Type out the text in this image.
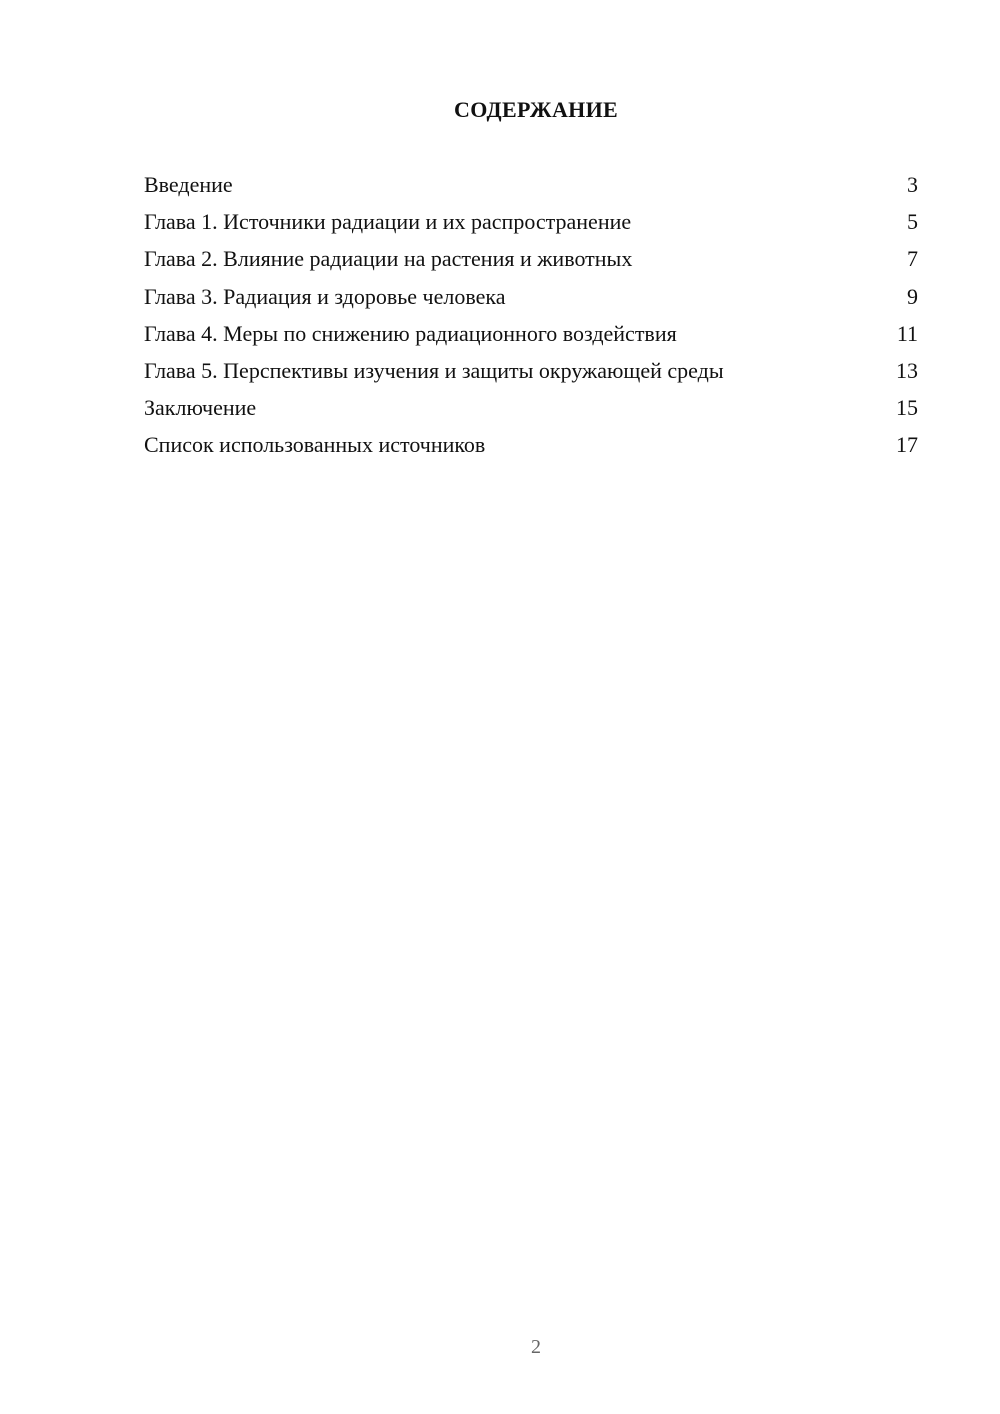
СОДЕРЖАНИЕ
Введение	3
Глава 1. Источники радиации и их распространение	5
Глава 2. Влияние радиации на растения и животных	7
Глава 3. Радиация и здоровье человека	9
Глава 4. Меры по снижению радиационного воздействия	11
Глава 5. Перспективы изучения и защиты окружающей среды	13
Заключение	15
Список использованных источников	17
2
